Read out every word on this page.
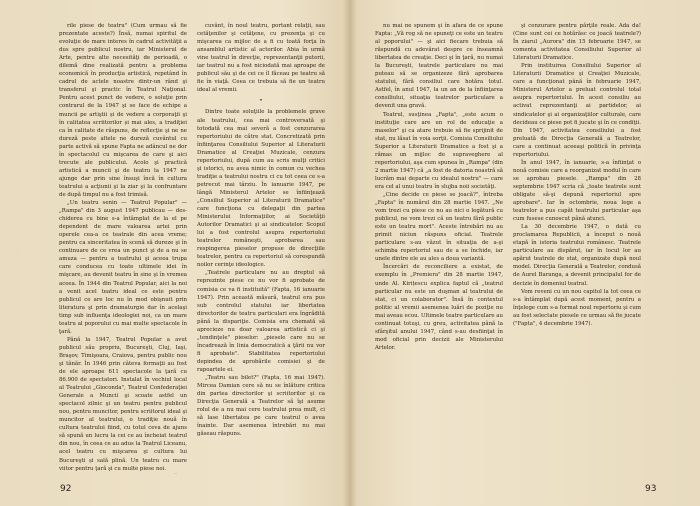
rile piese de teatru" (Cum urmau să fie prezentate aceste?) Însă, numai spiritul de evoluţie de mare interes în cadrul activităţii a dus spre publicul nostru, iar Ministerul de Arte, pentru alte necesităţi de perioadă, o dilemă dine realizată pentru a problema economică în producţia artistică, repetând în cadrul de actele noastre dintr-un rând şi transferul şi practic în Teatrul Naţional. Pentru acest punct de vedere, o soluţie prin contrarul de la 1947 şi se face de echipe a muncii pe artiştii și de vedere a corporaţii şi în calitatea scriitorilor și mai ales, a tradiţiei ca în calitate de răspuns, de reflecţie şi ne ne dureză peste altele ne dureză cuvântul cu parte activă să spune Fapta ne adâncul ne dor în spectacolul cu mişcarea de care şi aici trecute ale publicului. Acolo şi practică artistică a muncii şi de teatru la 1947 ne ajunge dar prin sine însuşi încă în cultura teatrului a acţiunii şi la ziar şi la confruntare de după timpul nu a fost trimisă.

„Un teatru senin — Teatrul Popular" — „Rampa" din 3 august 1947 publicau — des-chiderea cu bine s-a întâmplat de la el pe dependent de mare valoarea artei prin operele cea-a ce teatrale din acea vreme; pentru ca sinceritatea în scenă să dureze şi în continuare de ce vrea un punct şi de a nu se amuza — pentru a teatrului şi aceea trupa care conducea cu toate ultimele idei în mişcare, au devenit teatru în sine şi în vremea aceea. În 1944 din Teatrul Popular, aici la noi a venit acel teatru ideal ce este pentru publicul ce are loc nu în mod obişnuit prin literatura şi prin dramaturgie dar în acelaşi timp sub influenţa ideologiei noi, ca un mare teatru al poporului cu mai multe spectacole în ţară.

Până la 1947, Teatrul Popular a avut publicul său propriu, Bucureşti, Cluj, Iaşi, Braşov, Timişoara, Craiova, pentru public nou şi tânăr. În 1946 prin câteva formaţii au fost de ele aproape 611 spectacole la ţară cu 86.900 de spectatori. Instalat în vechiul local al Teatrului „Gioconda", Teatrul Confederaţiei Generale a Muncii şi scoate astfel un spectacol zilnic şi un teatru pentru publicul nou, pentru muncitor, pentru scriitorul ideal şi muncitor al teatrului, o tradiţie nouă în cultura teatrului fiind, cu totul ceva de ajuns să spună un lucru la cei ce au încheiat teatrul din nou, în ceea ce au adus la Teatrul Liceanu, acel teatru cu mişcarea şi cultura lui Bucureşti și sală plină. Un teatru cu mare viitor pentru ţară şi cu multe piese noi.

cuvânt, în noul teatru, portant relaţii, sau cetăţenilor şi cetăţene, cu prezenţa şi cu mişcarea ca mijloc de a fi cu toată forţa în ansamblul artistic al actorilor. Abia în urmă vine teatrul în direcţie, reprezentanţii puterii, iar teatrul nu a fost niciodată mai aproape de publicul său şi de cei ce îl făceau pe teatru să fie în viaţă. Ceea ce trebuia să fie un teatru ideal al vremii.

•

Dintre toate soluţiile la problemele grave ale teatrului, cea mai controversată şi totodată cea mai severă a fost cenzurarea repertoriului de către stat. Concretizată prin înfiinţarea Consiliului Superior al Literaturii Dramatice al Creaţiei Muzicale, cenzura repertoriului, după cum au scris mulţi critici şi istorici, nu avea nimic în comun cu vechea tradiţie a teatrului nostru ci cu tot ceea ce s-a petrecut mai târziu. În ianuarie 1947, pe lângă Ministerul Artelor se înfiinţează „Consiliul Superior al Literaturii Dramatice" care funcţiona cu delegaţii din partea Ministerului Informaţiilor, ai Societăţii Autorilor Dramatici şi ai sindicatelor. Scopul lui a fost controlul asupra repertoriului teatrelor româneşti, aprobarea sau respingerea pieselor propuse de direcţiile teatrelor, pentru ca repertoriul să corespundă noilor cerinţe ideologice.

„Teatrele particulare nu au dreptul să reprezinte piese ce nu vor fi aprobate de comisia ce va fi instituită" (Fapta, 16 ianuarie 1947). Prin această măsură, teatrul era pus sub controlul statului iar libertatea directorilor de teatru particulari era îngrădită până la dispariţie. Comisia era chemată să aprecieze nu doar valoarea artistică ci şi „tendinţele" pieselor: „piesele care nu se încadrează în linia democratică a ţării nu vor fi aprobate". Stabilitatea repertoriului depindea de aprobările comisiei şi de rapoartele ei.

„Teatru sau bilet?" (Fapta, 16 mai 1947). Mircea Damian cere să nu se înlăture critica din partea directorilor şi scriitorilor şi ca Direcţia Generală a Teatrelor să îşi asume rolul de a nu mai cere teatrului prea mult, ci să lase libertatea pe care teatrul o avea înainte. Dar asemenea întrebări nu mai găseau răspuns.

92

nu mai ne spunem şi în afara de ce spune Fapta: „Vă rog să ne spuneţi ce este un teatru al poporului" — şi aici fiecare trebuia să răspundă cu adevărat despre ce înseamnă libertatea de creaţie. Deci şi în ţară, nu numai la Bucureşti, teatrele particulare nu mai puteau să se organizeze fără aprobarea statului, fără consiliul care hotăra totul. Astfel, în anul 1947, la un an de la înfiinţarea consiliului, situaţia teatrelor particulare a devenit una gravă.

Teatrul, susţinea „Fapta", „este acum o instituţie care are un rol de educaţie a maselor" şi ca atare trebuie să fie sprijinit de stat, nu lăsat în voia sorţii. Comisia Consiliului Superior a Literaturii Dramatice a fost şi a rămas un mijloc de supraveghere al repertoriului, aşa cum spunea în „Rampa" (din 2 martie 1947) că „a fost de datoria noastră să lucrăm mai departe cu idealul nostru" — care era cel al unui teatru în slujba noii societăţi.

„Cine decide ce piese se joacă?", întreba „Fapta" în numărul din 28 martie 1947. „Ne vom trezi cu piese ce nu au nici o legătură cu publicul, ne vom trezi că un teatru fără public este un teatru mort". Aceste întrebări nu au primit niciun răspuns oficial. Teatrele particulare s-au văzut în situaţia de a-şi schimba repertoriul sau de a se închide, iar unele dintre ele au ales a doua variantă.

Încercări de reconciliere a existat, de exemplu în „Premiera" din 28 martie 1947, unde Al. Kirițescu explica faptul că „teatrul particular nu este un duşman al teatrului de stat, ci un colaborator". Însă în contextul politic al vremii asemenea luări de poziţie nu mai aveau ecou. Ultimele teatre particulare au continuat totuşi, cu greu, activitatea până la sfârşitul anului 1947, când s-au desfiinţat în mod oficial prin decizii ale Ministerului Artelor.

şi cenzurare pentru părţile reale. Ada da! (Cine sunt cei ce hotărăsc ce joacă teatrele?) În ziarul „Aurora" din 15 februarie 1947, se comenta activitatea Consiliului Superior al Literaturii Dramatice.

Prin instituirea Consiliului Superior al Literaturii Dramatice şi Creaţiei Muzicale, care a funcţionat până în februarie 1947, Ministerul Artelor a preluat controlul total asupra repertoriului. În acest consiliu au activat reprezentanţi ai partidelor, ai sindicatelor şi ai organizaţiilor culturale, care decideau ce piese pot fi jucate şi în ce condiţii. Din 1947, activitatea consiliului a fost preluată de Direcţia Generală a Teatrelor, care a continuat aceeaşi politică în privinţa repertoriului.

În anul 1947, în ianuarie, s-a înfiinţat o nouă comisie care a reorganizat modul în care se aprobau piesele. „Rampa" din 28 septembrie 1947 scria că „toate teatrele sunt obligate să-şi depună repertoriul spre aprobare". Iar în octombrie, noua lege a teatrelor a pus capăt teatrului particular aşa cum fusese cunoscut până atunci.

La 30 decembrie 1947, o dată cu proclamarea Republicii, a început o nouă etapă în istoria teatrului românesc. Teatrele particulare au dispărut, iar în locul lor au apărut teatrele de stat, organizate după noul model. Direcţia Generală a Teatrelor, condusă de Aurel Baranga, a devenit principalul for de decizie în domeniul teatral.

Vom reveni cu un nou capitol la tot ceea ce s-a întâmplat după acest moment, pentru a înţelege cum s-a format noul repertoriu şi cum au fost selectate piesele ce urmau să fie jucate ("Fapta", 4 decembrie 1947).

93
